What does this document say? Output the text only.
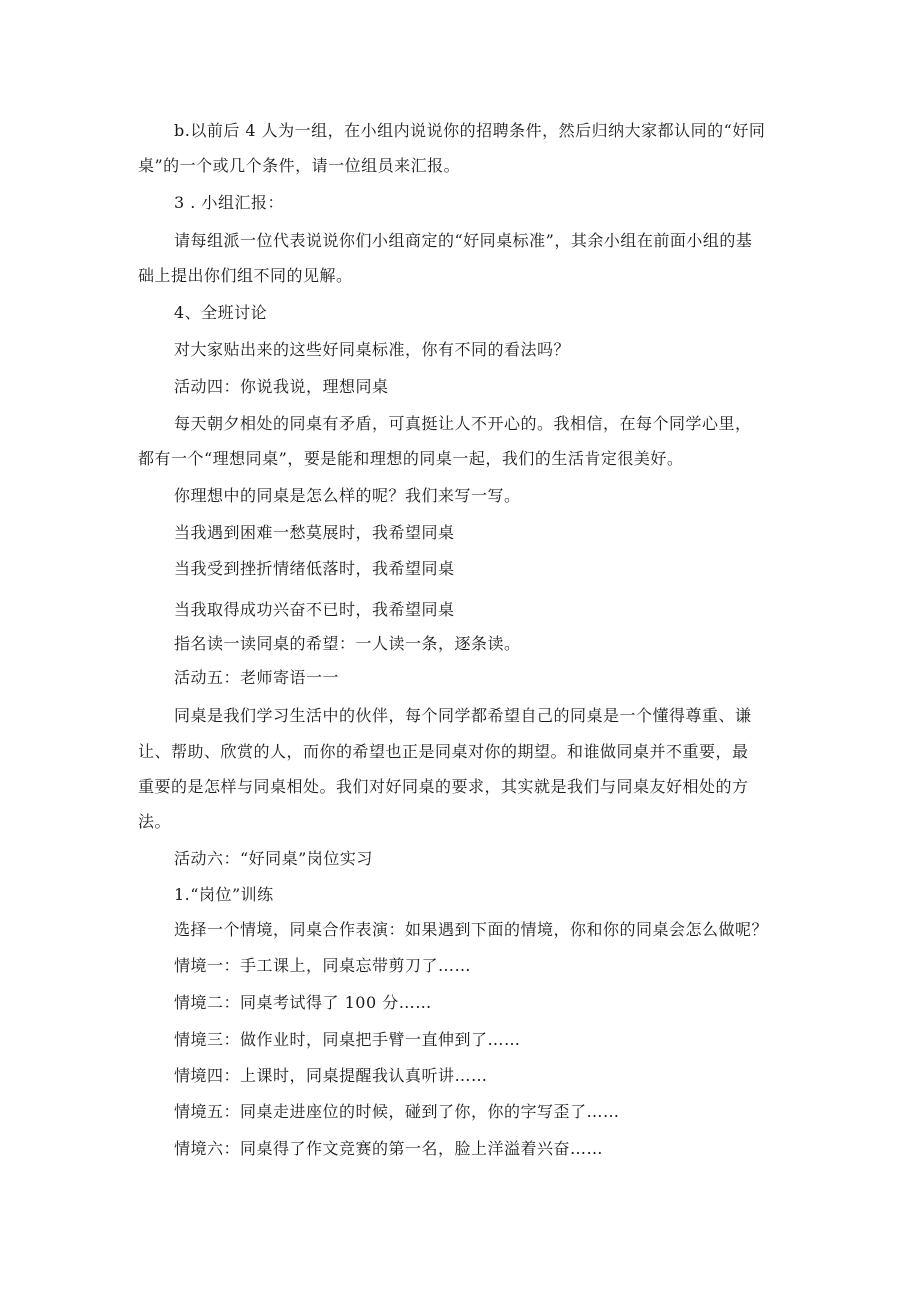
b.以前后 4 人为一组，在小组内说说你的招聘条件，然后归纳大家都认同的“好同
桌”的一个或几个条件，请一位组员来汇报。
3 . 小组汇报：
请每组派一位代表说说你们小组商定的“好同桌标准”，其余小组在前面小组的基
础上提出你们组不同的见解。
4、全班讨论
对大家贴出来的这些好同桌标准，你有不同的看法吗？
活动四：你说我说，理想同桌
每天朝夕相处的同桌有矛盾，可真挺让人不开心的。我相信，在每个同学心里，
都有一个“理想同桌”，要是能和理想的同桌一起，我们的生活肯定很美好。
你理想中的同桌是怎么样的呢？我们来写一写。
当我遇到困难一愁莫展时，我希望同桌
当我受到挫折情绪低落时，我希望同桌
当我取得成功兴奋不已时，我希望同桌
指名读一读同桌的希望：一人读一条，逐条读。
活动五：老师寄语一一
同桌是我们学习生活中的伙伴，每个同学都希望自己的同桌是一个懂得尊重、谦
让、帮助、欣赏的人，而你的希望也正是同桌对你的期望。和谁做同桌并不重要，最
重要的是怎样与同桌相处。我们对好同桌的要求，其实就是我们与同桌友好相处的方
法。
活动六：“好同桌”岗位实习
1.“岗位”训练
选择一个情境，同桌合作表演：如果遇到下面的情境，你和你的同桌会怎么做呢？
情境一：手工课上，同桌忘带剪刀了……
情境二：同桌考试得了 100 分……
情境三：做作业时，同桌把手臂一直伸到了……
情境四：上课时，同桌提醒我认真听讲……
情境五：同桌走进座位的时候，碰到了你，你的字写歪了……
情境六：同桌得了作文竞赛的第一名，脸上洋溢着兴奋……
